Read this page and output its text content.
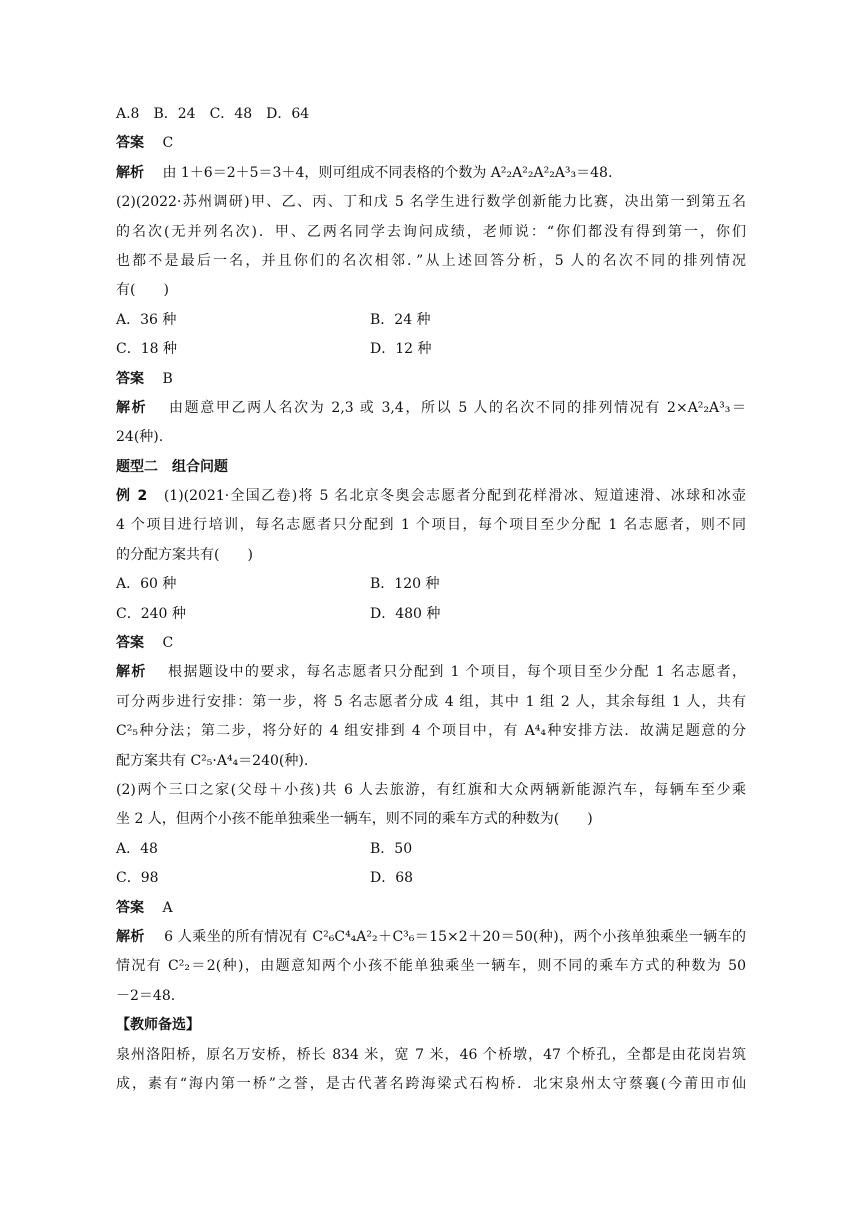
A.8　B．24　C．48　D．64
答案　 C
解析　 由 1＋6＝2＋5＝3＋4，则可组成不同表格的个数为 A²₂A²₂A²₂A³₃＝48.
(2)(2022·苏州调研)甲、乙、丙、丁和戊 5 名学生进行数学创新能力比赛，决出第一到第五名
的名次(无并列名次)．甲、乙两名同学去询问成绩，老师说：“你们都没有得到第一，你们
也都不是最后一名，并且你们的名次相邻．”从上述回答分析，5 人的名次不同的排列情况
有(　　)
A．36 种	B．24 种
C．18 种	D．12 种
答案　 B
解析　 由题意甲乙两人名次为 2,3 或 3,4，所以 5 人的名次不同的排列情况有 2×A²₂A³₃＝
24(种).
题型二　组合问题
例 2　 (1)(2021·全国乙卷)将 5 名北京冬奥会志愿者分配到花样滑冰、短道速滑、冰球和冰壶
4 个项目进行培训，每名志愿者只分配到 1 个项目，每个项目至少分配 1 名志愿者，则不同
的分配方案共有(　　)
A．60 种	B．120 种
C．240 种	D．480 种
答案　 C
解析　 根据题设中的要求，每名志愿者只分配到 1 个项目，每个项目至少分配 1 名志愿者，
可分两步进行安排：第一步，将 5 名志愿者分成 4 组，其中 1 组 2 人，其余每组 1 人，共有
C²₅种分法；第二步，将分好的 4 组安排到 4 个项目中，有 A⁴₄种安排方法．故满足题意的分
配方案共有 C²₅·A⁴₄＝240(种).
(2)两个三口之家(父母＋小孩)共 6 人去旅游，有红旗和大众两辆新能源汽车，每辆车至少乘
坐 2 人，但两个小孩不能单独乘坐一辆车，则不同的乘车方式的种数为(　　)
A．48	B．50
C．98	D．68
答案　 A
解析　 6 人乘坐的所有情况有 C²₆C⁴₄A²₂＋C³₆＝15×2＋20＝50(种)，两个小孩单独乘坐一辆车的
情况有 C²₂＝2(种)，由题意知两个小孩不能单独乘坐一辆车，则不同的乘车方式的种数为 50
－2＝48.
【教师备选】
泉州洛阳桥，原名万安桥，桥长 834 米，宽 7 米，46 个桥墩，47 个桥孔，全都是由花岗岩筑
成，素有“海内第一桥”之誉，是古代著名跨海梁式石构桥．北宋泉州太守蔡襄(今莆田市仙
